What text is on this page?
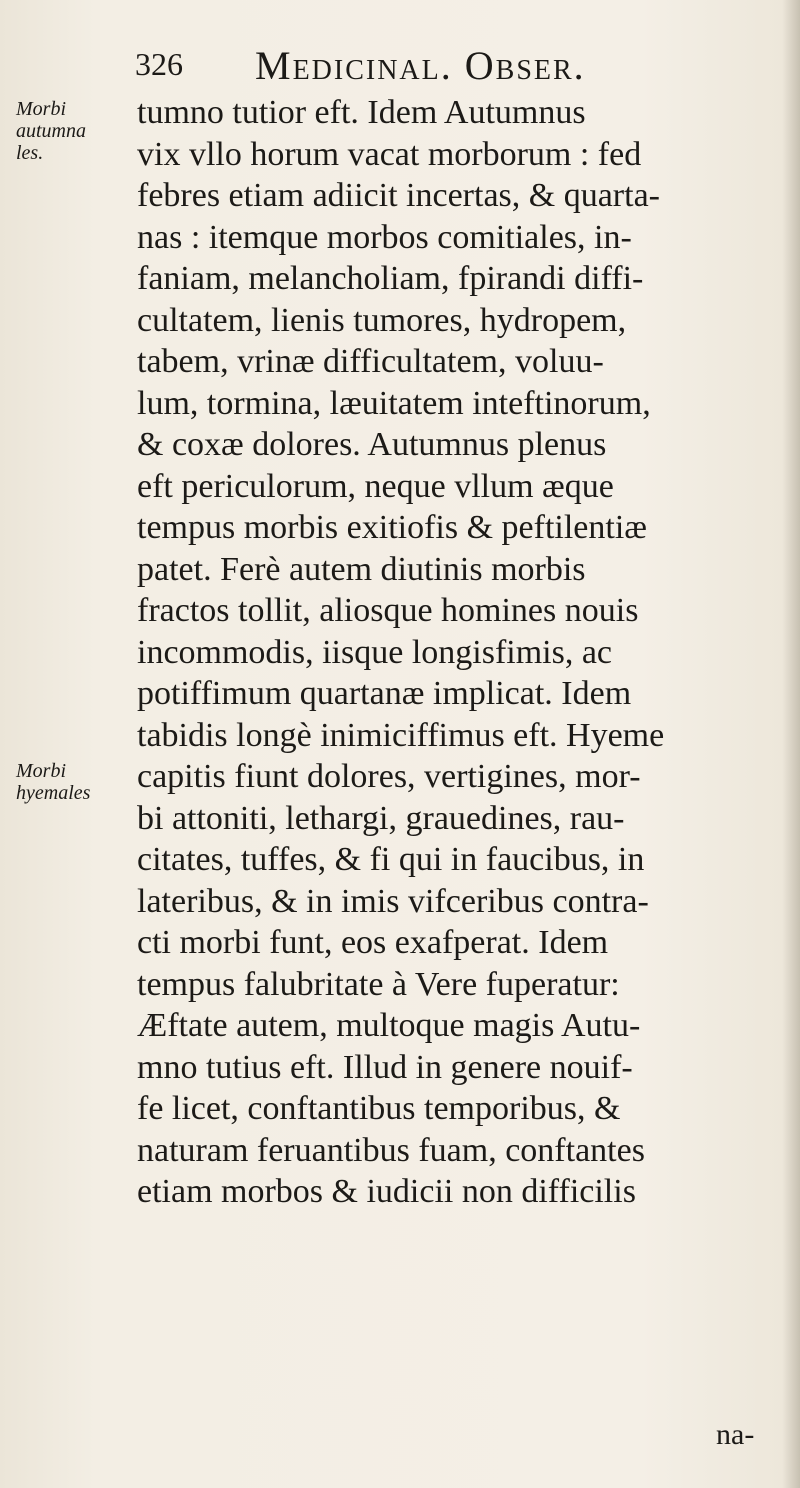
326 Medicinal. Obser.
Morbi
autumna
les.
Morbi
hyemales
tumno tutior eft. Idem Autumnus
vix vllo horum vacat morborum : fed
febres etiam adiicit incertas, & quarta-
nas : itemque morbos comitiales, in-
faniam, melancholiam, fpirandi diffi-
cultatem, lienis tumores, hydropem,
tabem, vrinæ difficultatem, voluu-
lum, tormina, læuitatem inteftinorum,
& coxæ dolores. Autumnus plenus
eft periculorum, neque vllum æque
tempus morbis exitiofis & peftilentiæ
patet. Ferè autem diutinis morbis
fractos tollit, aliosque homines nouis
incommodis, iisque longisfimis, ac
potiffimum quartanæ implicat. Idem
tabidis longè inimiciffimus eft. Hyeme
capitis fiunt dolores, vertigines, mor-
bi attoniti, lethargi, grauedines, rau-
citates, tuffes, & fi qui in faucibus, in
lateribus, & in imis vifceribus contra-
cti morbi funt, eos exafperat. Idem
tempus falubritate à Vere fuperatur:
Æftate autem, multoque magis Autu-
mno tutius eft. Illud in genere nouif-
fe licet, conftantibus temporibus, &
naturam feruantibus fuam, conftantes
etiam morbos & iudicii non difficilis
na-
